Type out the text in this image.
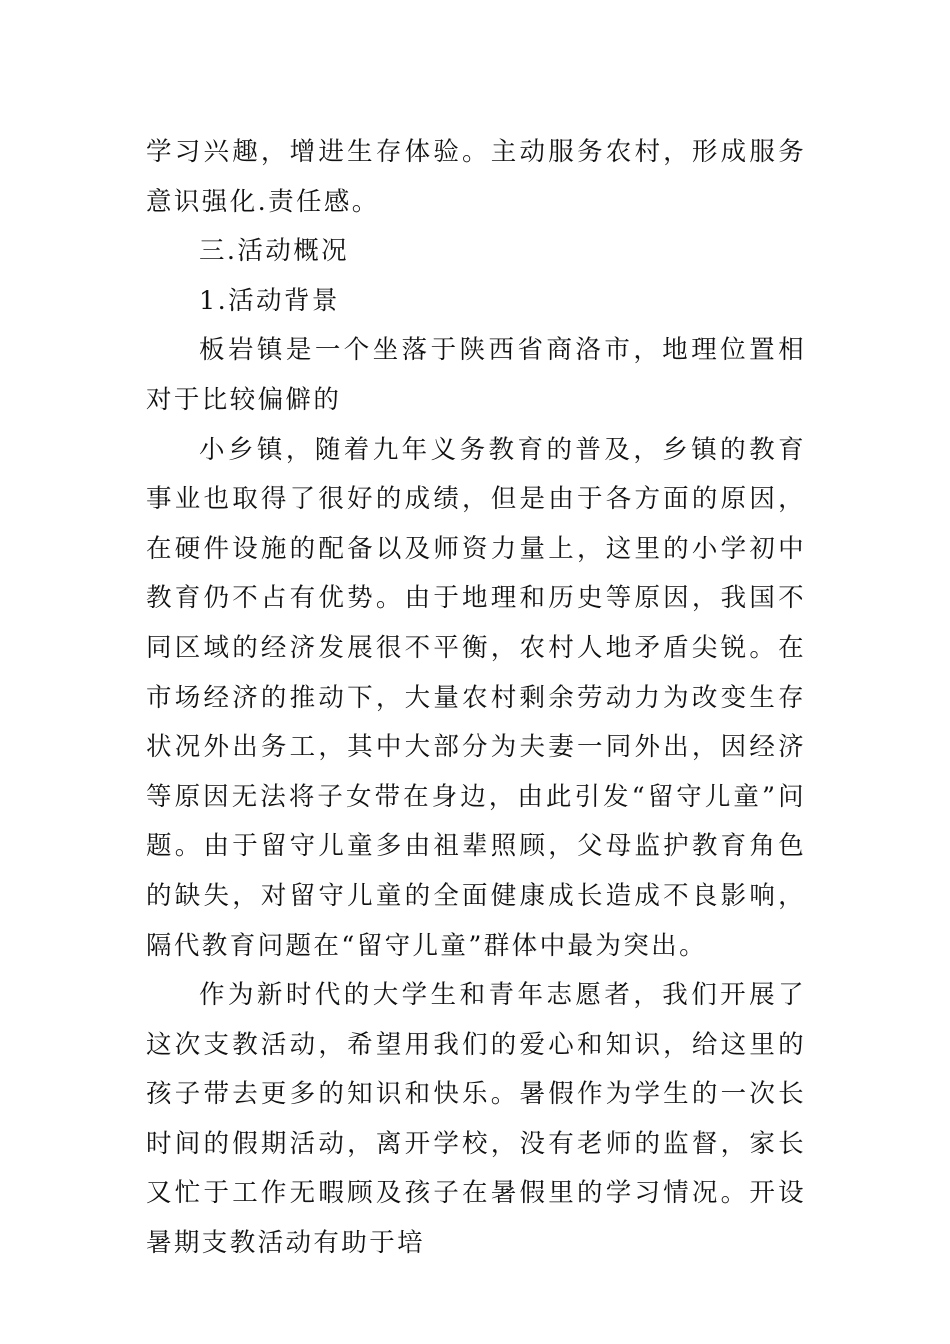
学习兴趣，增进生存体验。主动服务农村，形成服务意识强化.责任感。

三.活动概况

1.活动背景

板岩镇是一个坐落于陕西省商洛市，地理位置相对于比较偏僻的

小乡镇，随着九年义务教育的普及，乡镇的教育事业也取得了很好的成绩，但是由于各方面的原因，在硬件设施的配备以及师资力量上，这里的小学初中教育仍不占有优势。由于地理和历史等原因，我国不同区域的经济发展很不平衡，农村人地矛盾尖锐。在市场经济的推动下，大量农村剩余劳动力为改变生存状况外出务工，其中大部分为夫妻一同外出，因经济等原因无法将子女带在身边，由此引发“留守儿童”问题。由于留守儿童多由祖辈照顾，父母监护教育角色的缺失，对留守儿童的全面健康成长造成不良影响，隔代教育问题在“留守儿童”群体中最为突出。

作为新时代的大学生和青年志愿者，我们开展了这次支教活动，希望用我们的爱心和知识，给这里的孩子带去更多的知识和快乐。暑假作为学生的一次长时间的假期活动，离开学校，没有老师的监督，家长又忙于工作无暇顾及孩子在暑假里的学习情况。开设暑期支教活动有助于培
